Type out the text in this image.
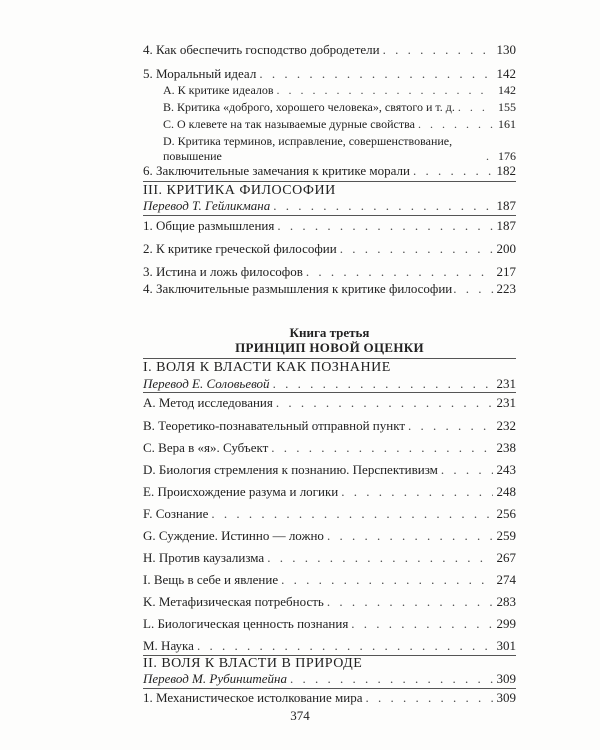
4. Как обеспечить господство добродетели . . .	130
5. Моральный идеал . . .	142
A. К критике идеалов . . .	142
B. Критика «доброго, хорошего человека», святого и т. д. . . .	155
C. О клевете на так называемые дурные свойства . . .	161
D. Критика терминов, исправление, совершенствование, повышение . . .	176
6. Заключительные замечания к критике морали . . .	182
III. КРИТИКА ФИЛОСОФИИ
Перевод Т. Гейликмана . . .	187
1. Общие размышления . . .	187
2. К критике греческой философии . . .	200
3. Истина и ложь философов . . .	217
4. Заключительные размышления к критике философии . . .	223
Книга третья
ПРИНЦИП НОВОЙ ОЦЕНКИ
I. ВОЛЯ К ВЛАСТИ КАК ПОЗНАНИЕ
Перевод Е. Соловьевой . . .	231
A. Метод исследования . . .	231
B. Теоретико-познавательный отправной пункт . . .	232
C. Вера в «я». Субъект . . .	238
D. Биология стремления к познанию. Перспективизм . . .	243
E. Происхождение разума и логики . . .	248
F. Сознание . . .	256
G. Суждение. Истинно — ложно . . .	259
H. Против каузализма . . .	267
I. Вещь в себе и явление . . .	274
K. Метафизическая потребность . . .	283
L. Биологическая ценность познания . . .	299
M. Наука . . .	301
II. ВОЛЯ К ВЛАСТИ В ПРИРОДЕ
Перевод М. Рубинштейна . . .	309
1. Механистическое истолкование мира . . .	309
374
